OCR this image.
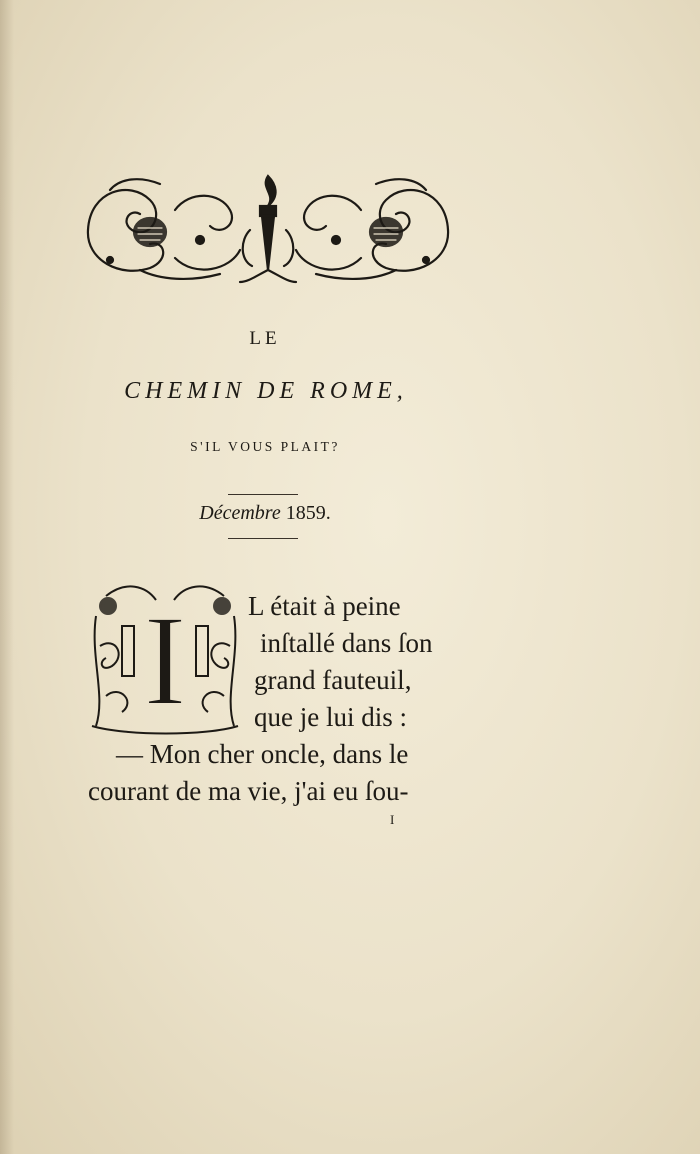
LE
CHEMIN DE ROME,
S'IL VOUS PLAIT?
Décembre 1859.
I L était à peine
inſtallé dans ſon
grand fauteuil,
que je lui dis :
— Mon cher oncle, dans le
courant de ma vie, j'ai eu ſou-
I
